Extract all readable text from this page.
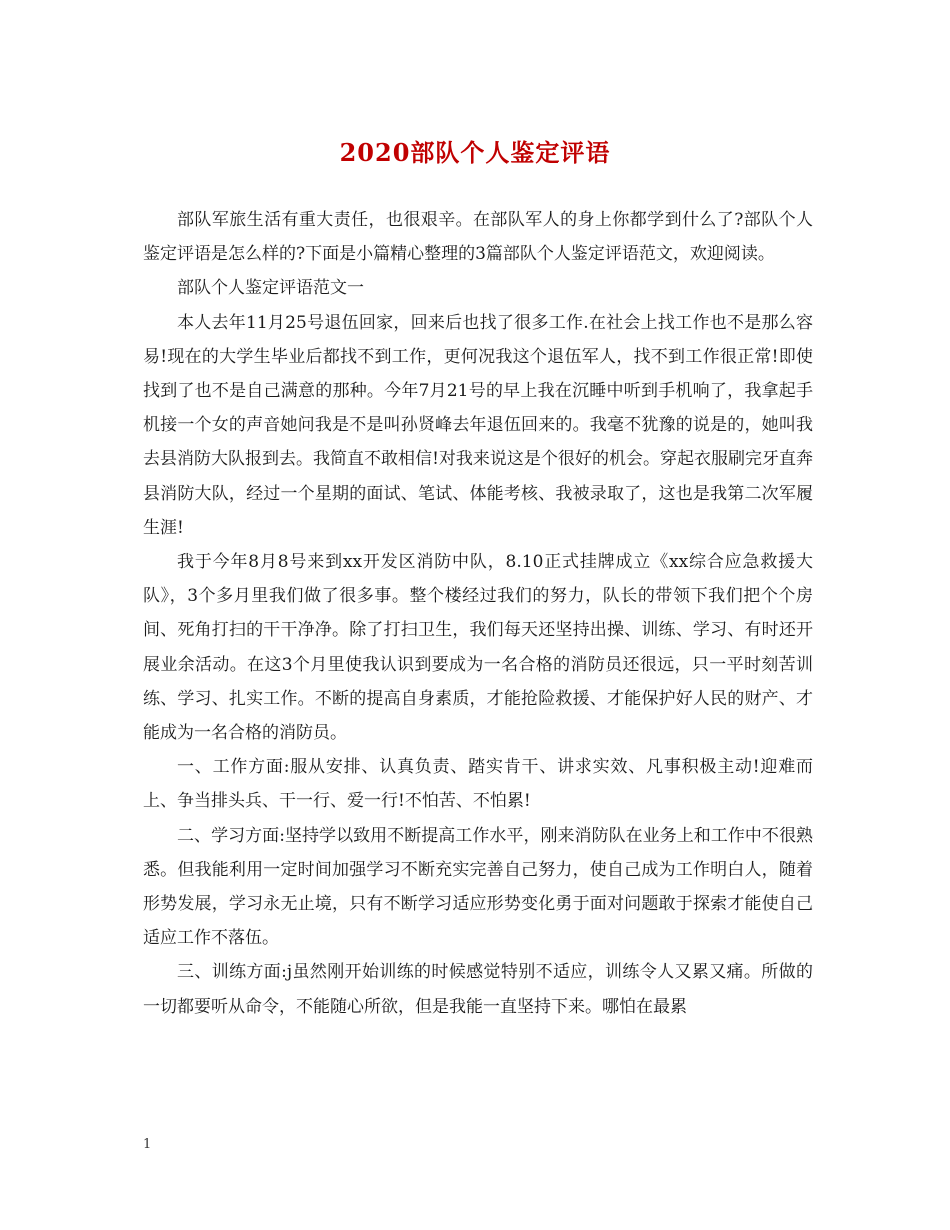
2020部队个人鉴定评语

部队军旅生活有重大责任，也很艰辛。在部队军人的身上你都学到什么了?部队个人鉴定评语是怎么样的?下面是小篇精心整理的3篇部队个人鉴定评语范文，欢迎阅读。

部队个人鉴定评语范文一

本人去年11月25号退伍回家，回来后也找了很多工作.在社会上找工作也不是那么容易!现在的大学生毕业后都找不到工作，更何况我这个退伍军人，找不到工作很正常!即使找到了也不是自己满意的那种。今年7月21号的早上我在沉睡中听到手机响了，我拿起手机接一个女的声音她问我是不是叫孙贤峰去年退伍回来的。我毫不犹豫的说是的，她叫我去县消防大队报到去。我简直不敢相信!对我来说这是个很好的机会。穿起衣服刷完牙直奔县消防大队，经过一个星期的面试、笔试、体能考核、我被录取了，这也是我第二次军履生涯!

我于今年8月8号来到xx开发区消防中队，8.10正式挂牌成立《xx综合应急救援大队》，3个多月里我们做了很多事。整个楼经过我们的努力，队长的带领下我们把个个房间、死角打扫的干干净净。除了打扫卫生，我们每天还坚持出操、训练、学习、有时还开展业余活动。在这3个月里使我认识到要成为一名合格的消防员还很远，只一平时刻苦训练、学习、扎实工作。不断的提高自身素质，才能抢险救援、才能保护好人民的财产、才能成为一名合格的消防员。

一、工作方面:服从安排、认真负责、踏实肯干、讲求实效、凡事积极主动!迎难而上、争当排头兵、干一行、爱一行!不怕苦、不怕累!

二、学习方面:坚持学以致用不断提高工作水平，刚来消防队在业务上和工作中不很熟悉。但我能利用一定时间加强学习不断充实完善自己努力，使自己成为工作明白人，随着形势发展，学习永无止境，只有不断学习适应形势变化勇于面对问题敢于探索才能使自己适应工作不落伍。

三、训练方面:j虽然刚开始训练的时候感觉特别不适应，训练令人又累又痛。所做的一切都要听从命令，不能随心所欲，但是我能一直坚持下来。哪怕在最累

1
